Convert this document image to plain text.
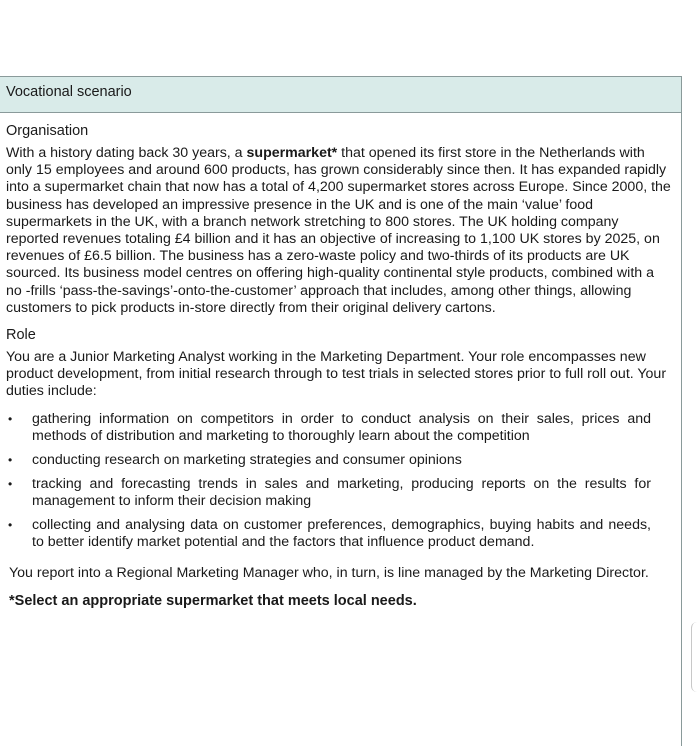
Vocational scenario
Organisation

With a history dating back 30 years, a supermarket* that opened its first store in the Netherlands with only 15 employees and around 600 products, has grown considerably since then. It has expanded rapidly into a supermarket chain that now has a total of 4,200 supermarket stores across Europe. Since 2000, the business has developed an impressive presence in the UK and is one of the main ‘value’ food supermarkets in the UK, with a branch network stretching to 800 stores. The UK holding company reported revenues totaling £4 billion and it has an objective of increasing to 1,100 UK stores by 2025, on revenues of £6.5 billion. The business has a zero-waste policy and two-thirds of its products are UK sourced. Its business model centres on offering high-quality continental style products, combined with a no -frills ‘pass-the-savings’-onto-the-customer’ approach that includes, among other things, allowing customers to pick products in-store directly from their original delivery cartons.

Role

You are a Junior Marketing Analyst working in the Marketing Department. Your role encompasses new product development, from initial research through to test trials in selected stores prior to full roll out. Your duties include:

• gathering information on competitors in order to conduct analysis on their sales, prices and methods of distribution and marketing to thoroughly learn about the competition
• conducting research on marketing strategies and consumer opinions
• tracking and forecasting trends in sales and marketing, producing reports on the results for management to inform their decision making
• collecting and analysing data on customer preferences, demographics, buying habits and needs, to better identify market potential and the factors that influence product demand.

You report into a Regional Marketing Manager who, in turn, is line managed by the Marketing Director.

*Select an appropriate supermarket that meets local needs.
